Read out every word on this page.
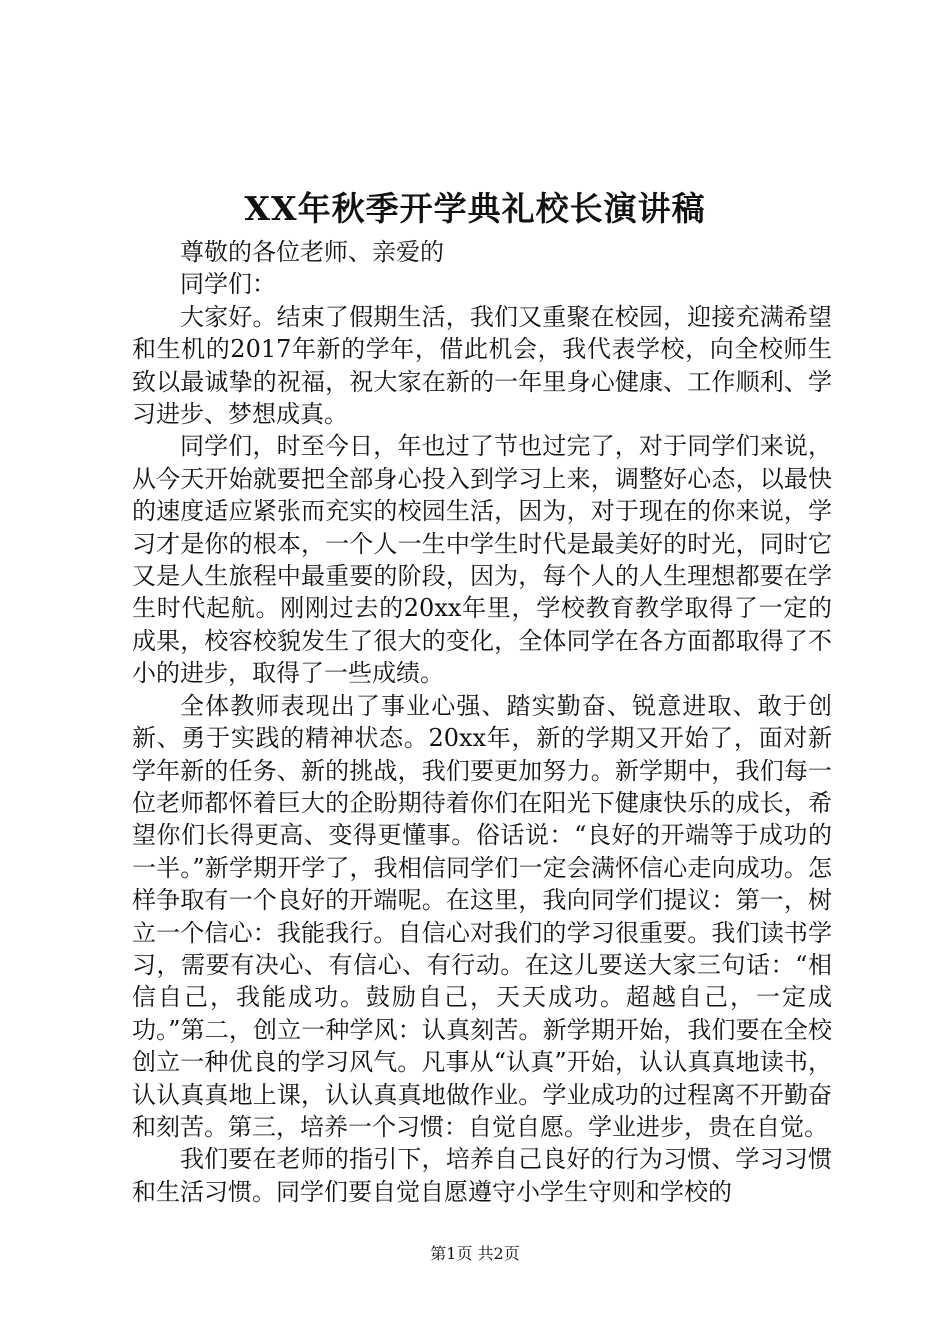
XX年秋季开学典礼校长演讲稿

尊敬的各位老师、亲爱的

同学们：

大家好。结束了假期生活，我们又重聚在校园，迎接充满希望和生机的2017年新的学年，借此机会，我代表学校，向全校师生致以最诚挚的祝福，祝大家在新的一年里身心健康、工作顺利、学习进步、梦想成真。

同学们，时至今日，年也过了节也过完了，对于同学们来说，从今天开始就要把全部身心投入到学习上来，调整好心态，以最快的速度适应紧张而充实的校园生活，因为，对于现在的你来说，学习才是你的根本，一个人一生中学生时代是最美好的时光，同时它又是人生旅程中最重要的阶段，因为，每个人的人生理想都要在学生时代起航。刚刚过去的20xx年里，学校教育教学取得了一定的成果，校容校貌发生了很大的变化，全体同学在各方面都取得了不小的进步，取得了一些成绩。

全体教师表现出了事业心强、踏实勤奋、锐意进取、敢于创新、勇于实践的精神状态。20xx年，新的学期又开始了，面对新学年新的任务、新的挑战，我们要更加努力。新学期中，我们每一位老师都怀着巨大的企盼期待着你们在阳光下健康快乐的成长，希望你们长得更高、变得更懂事。俗话说：“良好的开端等于成功的一半。”新学期开学了，我相信同学们一定会满怀信心走向成功。怎样争取有一个良好的开端呢。在这里，我向同学们提议：第一，树立一个信心：我能我行。自信心对我们的学习很重要。我们读书学习，需要有决心、有信心、有行动。在这儿要送大家三句话：“相信自己，我能成功。鼓励自己，天天成功。超越自己，一定成功。”第二，创立一种学风：认真刻苦。新学期开始，我们要在全校创立一种优良的学习风气。凡事从“认真”开始，认认真真地读书，认认真真地上课，认认真真地做作业。学业成功的过程离不开勤奋和刻苦。第三，培养一个习惯：自觉自愿。学业进步，贵在自觉。

我们要在老师的指引下，培养自己良好的行为习惯、学习习惯和生活习惯。同学们要自觉自愿遵守小学生守则和学校的

第1页 共2页
